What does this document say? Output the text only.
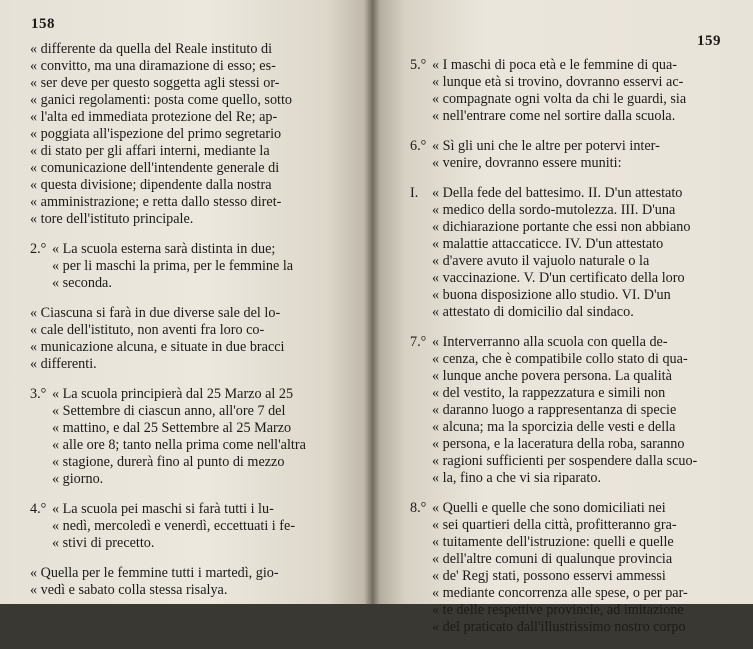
158
« differente da quella del Reale instituto di
« convitto, ma una diramazione di esso; es-
« ser deve per questo soggetta agli stessi or-
« ganici regolamenti: posta come quello, sotto
« l'alta ed immediata protezione del Re; ap-
« poggiata all'ispezione del primo segretario
« di stato per gli affari interni, mediante la
« comunicazione dell'intendente generale di
« questa divisione; dipendente dalla nostra
« amministrazione; e retta dallo stesso diret-
« tore dell'istituto principale.
2.° « La scuola esterna sarà distinta in due;
« per li maschi la prima, per le femmine la
« seconda.
« Ciascuna si farà in due diverse sale del lo-
« cale dell'istituto, non aventi fra loro co-
« municazione alcuna, e situate in due bracci
« differenti.
3.° « La scuola principierà dal 25 Marzo al 25
« Settembre di ciascun anno, all'ore 7 del
« mattino, e dal 25 Settembre al 25 Marzo
« alle ore 8; tanto nella prima come nell'altra
« stagione, durerà fino al punto di mezzo
« giorno.
4.° « La scuola pei maschi si farà tutti i lu-
« nedì, mercoledì e venerdì, eccettuati i fe-
« stivi di precetto.
« Quella per le femmine tutti i martedì, gio-
« vedì e sabato colla stessa risalya.
159
5.° « I maschi di poca età e le femmine di qua-
« lunque età si trovino, dovranno esservi ac-
« compagnate ogni volta da chi le guardi, sia
« nell'entrare come nel sortire dalla scuola.
6.° « Sì gli uni che le altre per potervi inter-
« venire, dovranno essere muniti:
I. « Della fede del battesimo. II. D'un attestato
« medico della sordo-mutolezza. III. D'una
« dichiarazione portante che essi non abbiano
« malattie attaccaticce. IV. D'un attestato
« d'avere avuto il vajuolo naturale o la
« vaccinazione. V. D'un certificato della loro
« buona disposizione allo studio. VI. D'un
« attestato di domicilio dal sindaco.
7.° « Interverranno alla scuola con quella de-
« cenza, che è compatibile collo stato di qua-
« lunque anche povera persona. La qualità
« del vestito, la rappezzatura e simili non
« daranno luogo a rappresentanza di specie
« alcuna; ma la sporcizia delle vesti e della
« persona, e la laceratura della roba, saranno
« ragioni sufficienti per sospendere dalla scuo-
« la, fino a che vi sia riparato.
8.° « Quelli e quelle che sono domiciliati nei
« sei quartieri della città, profitteranno gra-
« tuitamente dell'istruzione: quelli e quelle
« dell'altre comuni di qualunque provincia
« de' Regj stati, possono esservi ammessi
« mediante concorrenza alle spese, o per par-
« te delle respettive provincie, ad imitazione
« del praticato dall'illustrissimo nostro corpo
